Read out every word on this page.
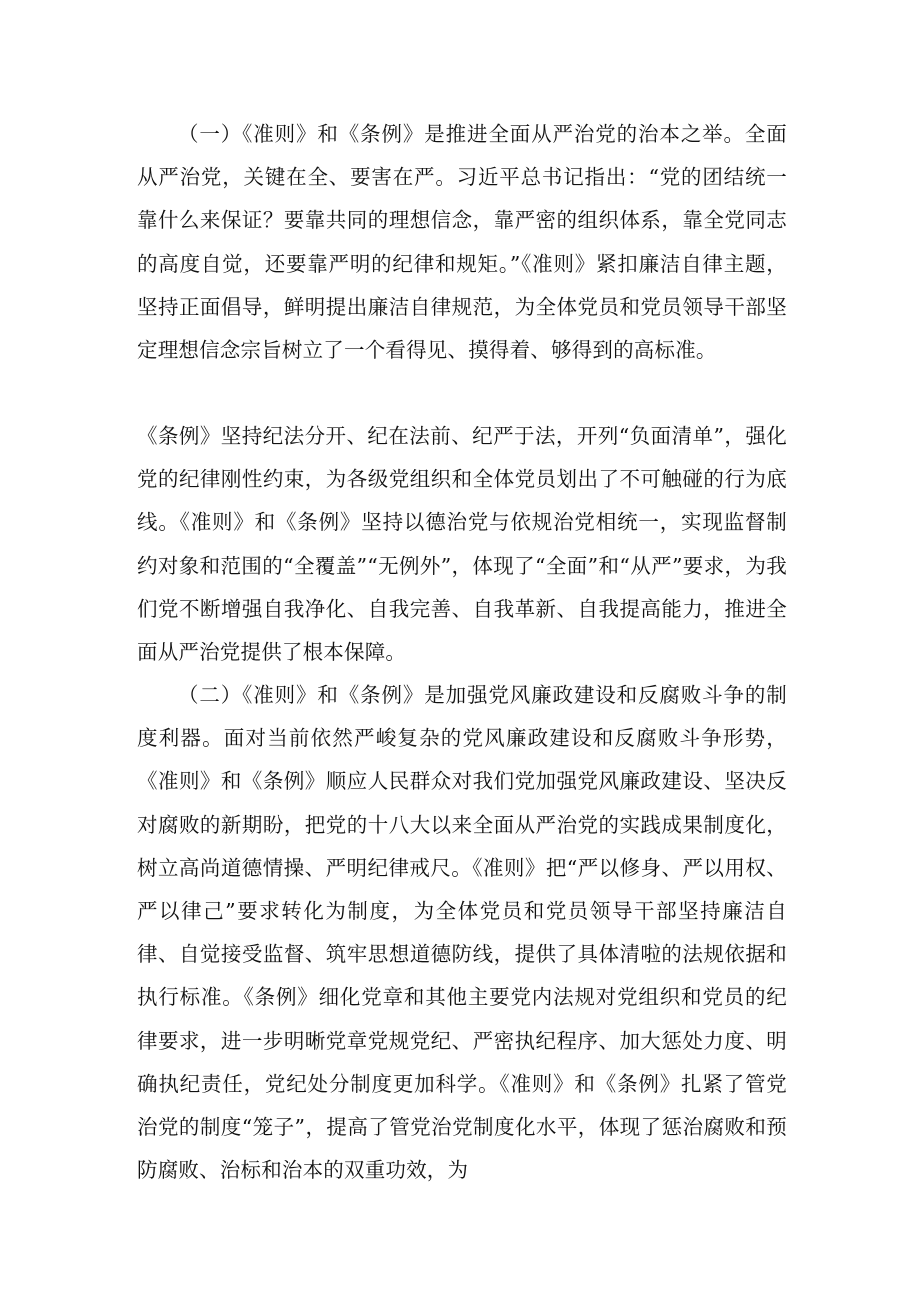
（一）《准则》和《条例》是推进全面从严治党的治本之举。全面从严治党，关键在全、要害在严。习近平总书记指出：“党的团结统一靠什么来保证？要靠共同的理想信念，靠严密的组织体系，靠全党同志的高度自觉，还要靠严明的纪律和规矩。”《准则》紧扣廉洁自律主题，坚持正面倡导，鲜明提出廉洁自律规范，为全体党员和党员领导干部坚定理想信念宗旨树立了一个看得见、摸得着、够得到的高标准。

《条例》坚持纪法分开、纪在法前、纪严于法，开列“负面清单”，强化党的纪律刚性约束，为各级党组织和全体党员划出了不可触碰的行为底线。《准则》和《条例》坚持以德治党与依规治党相统一，实现监督制约对象和范围的“全覆盖”“无例外”，体现了“全面”和“从严”要求，为我们党不断增强自我净化、自我完善、自我革新、自我提高能力，推进全面从严治党提供了根本保障。

（二）《准则》和《条例》是加强党风廉政建设和反腐败斗争的制度利器。面对当前依然严峻复杂的党风廉政建设和反腐败斗争形势，《准则》和《条例》顺应人民群众对我们党加强党风廉政建设、坚决反对腐败的新期盼，把党的十八大以来全面从严治党的实践成果制度化，树立高尚道德情操、严明纪律戒尺。《准则》把“严以修身、严以用权、严以律己”要求转化为制度，为全体党员和党员领导干部坚持廉洁自律、自觉接受监督、筑牢思想道德防线，提供了具体清啦的法规依据和执行标准。《条例》细化党章和其他主要党内法规对党组织和党员的纪律要求，进一步明晰党章党规党纪、严密执纪程序、加大惩处力度、明确执纪责任，党纪处分制度更加科学。《准则》和《条例》扎紧了管党治党的制度“笼子”，提高了管党治党制度化水平，体现了惩治腐败和预防腐败、治标和治本的双重功效，为
